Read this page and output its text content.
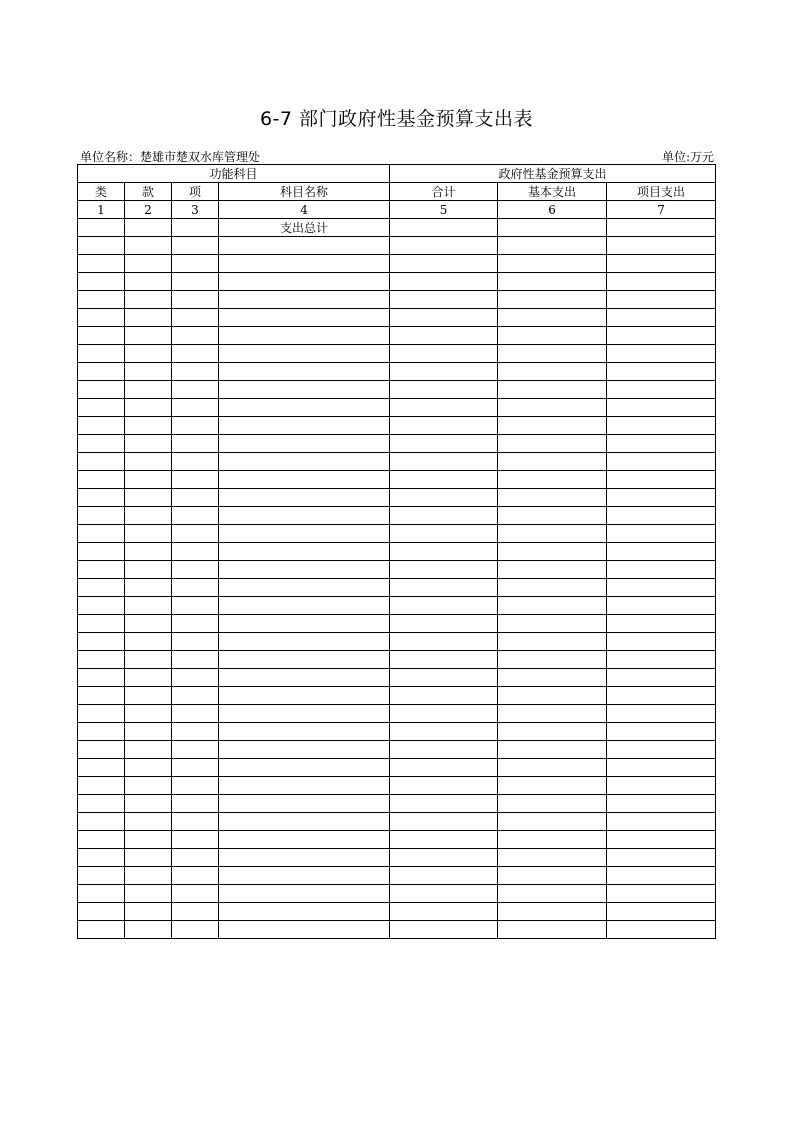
6-7 部门政府性基金预算支出表
单位名称：楚雄市楚双水库管理处	单位:万元
功能科目				政府性基金预算支出		
类	款	项	科目名称	合计	基本支出	项目支出
1	2	3	4	5	6	7
			支出总计			
